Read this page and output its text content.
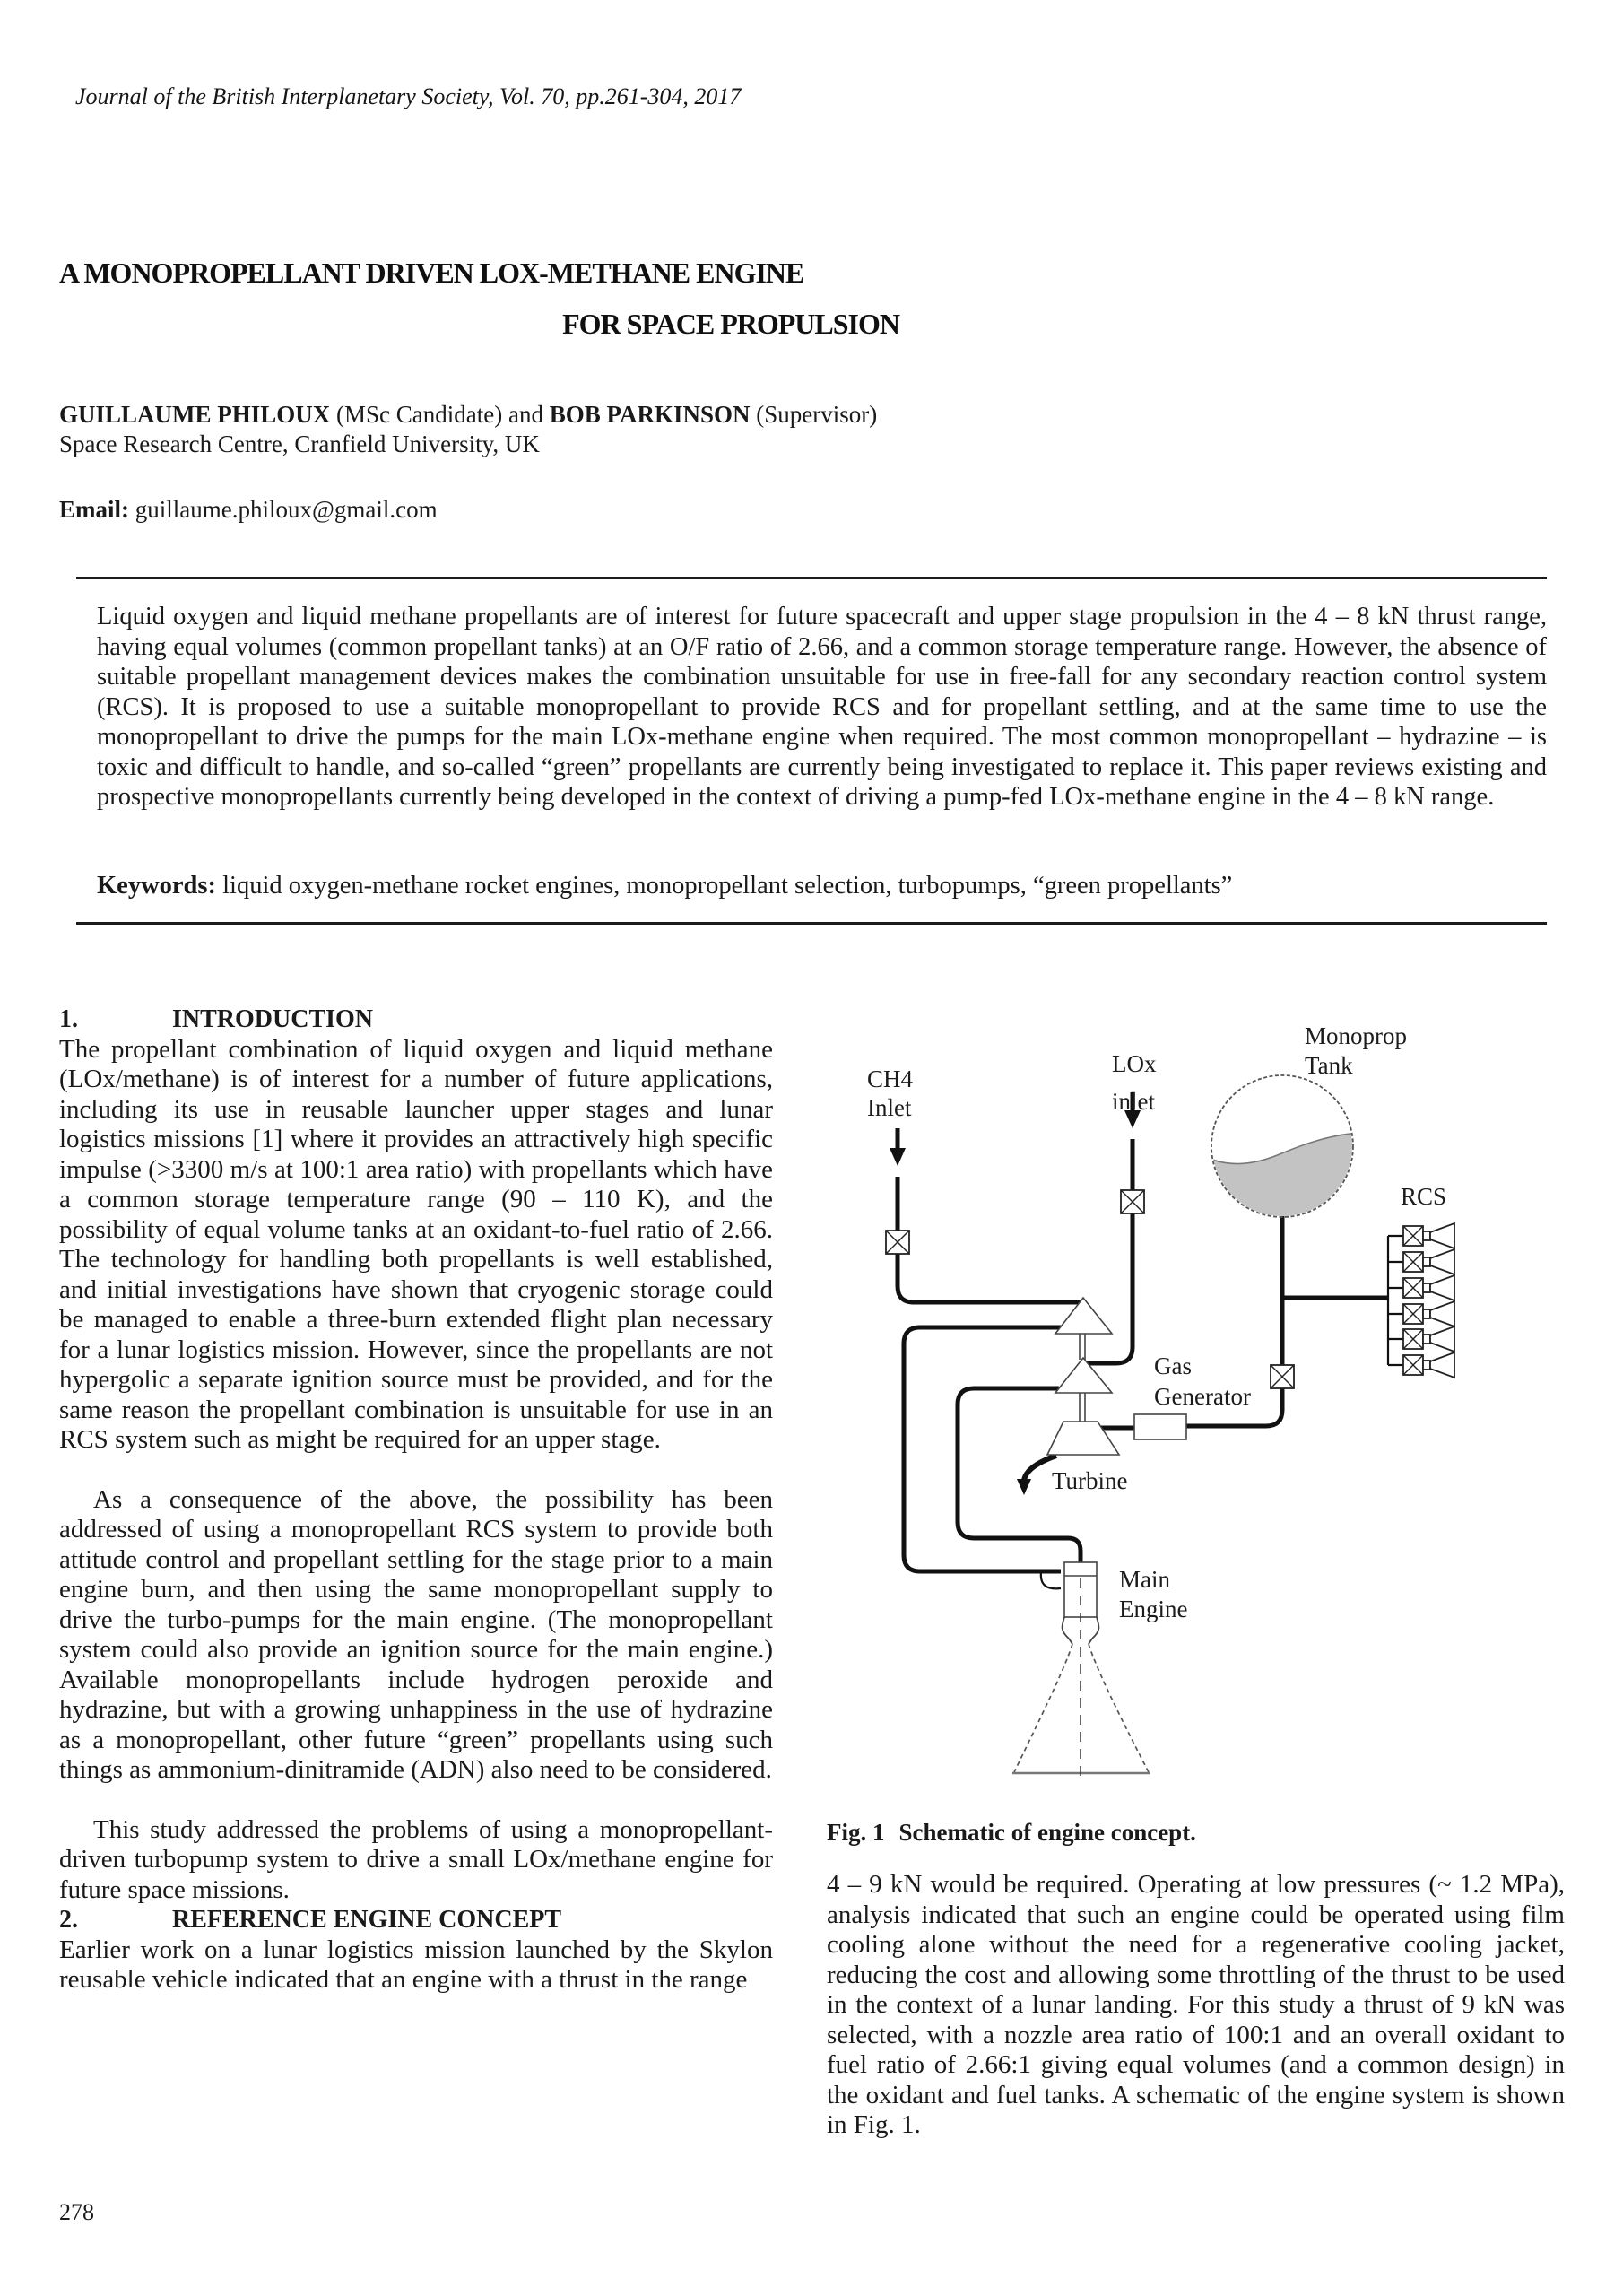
Journal of the British Interplanetary Society, Vol. 70, pp.261-304, 2017
A MONOPROPELLANT DRIVEN LOX-METHANE ENGINE
FOR SPACE PROPULSION
GUILLAUME PHILOUX (MSc Candidate) and BOB PARKINSON (Supervisor)
Space Research Centre, Cranfield University, UK
Email: guillaume.philoux@gmail.com
Liquid oxygen and liquid methane propellants are of interest for future spacecraft and upper stage propulsion in the 4 – 8 kN thrust range, having equal volumes (common propellant tanks) at an O/F ratio of 2.66, and a common storage temperature range. However, the absence of suitable propellant management devices makes the combination unsuitable for use in free-fall for any secondary reaction control system (RCS). It is proposed to use a suitable monopropellant to provide RCS and for propellant settling, and at the same time to use the monopropellant to drive the pumps for the main LOx-methane engine when required. The most common monopropellant – hydrazine – is toxic and difficult to handle, and so-called “green” propellants are currently being investigated to replace it. This paper reviews existing and prospective monopropellants currently being developed in the context of driving a pump-fed LOx-methane engine in the 4 – 8 kN range.
Keywords: liquid oxygen-methane rocket engines, monopropellant selection, turbopumps, “green propellants”

1.	INTRODUCTION

The propellant combination of liquid oxygen and liquid methane (LOx/methane) is of interest for a number of future applications, including its use in reusable launcher upper stages and lunar logistics missions [1] where it provides an attractively high specific impulse (>3300 m/s at 100:1 area ratio) with propellants which have a common storage temperature range (90 – 110 K), and the possibility of equal volume tanks at an oxidant-to-fuel ratio of 2.66. The technology for handling both propellants is well established, and initial investigations have shown that cryogenic storage could be managed to enable a three-burn extended flight plan necessary for a lunar logistics mission. However, since the propellants are not hypergolic a separate ignition source must be provided, and for the same reason the propellant combination is unsuitable for use in an RCS system such as might be required for an upper stage.

As a consequence of the above, the possibility has been addressed of using a monopropellant RCS system to provide both attitude control and propellant settling for the stage prior to a main engine burn, and then using the same monopropellant supply to drive the turbo-pumps for the main engine. (The monopropellant system could also provide an ignition source for the main engine.) Available monopropellants include hydrogen peroxide and hydrazine, but with a growing unhappiness in the use of hydrazine as a monopropellant, other future “green” propellants using such things as ammonium-dinitramide (ADN) also need to be considered.

This study addressed the problems of using a monopropellant-driven turbopump system to drive a small LOx/methane engine for future space missions.

2.	REFERENCE ENGINE CONCEPT

Earlier work on a lunar logistics mission launched by the Skylon reusable vehicle indicated that an engine with a thrust in the range

CH4
Inlet
LOx
inlet
Monoprop
Tank
RCS
Gas
Generator
Turbine
Main
Engine
Fig. 1 Schematic of engine concept.

4 – 9 kN would be required. Operating at low pressures (~ 1.2 MPa), analysis indicated that such an engine could be operated using film cooling alone without the need for a regenerative cooling jacket, reducing the cost and allowing some throttling of the thrust to be used in the context of a lunar landing. For this study a thrust of 9 kN was selected, with a nozzle area ratio of 100:1 and an overall oxidant to fuel ratio of 2.66:1 giving equal volumes (and a common design) in the oxidant and fuel tanks. A schematic of the engine system is shown in Fig. 1.

278
